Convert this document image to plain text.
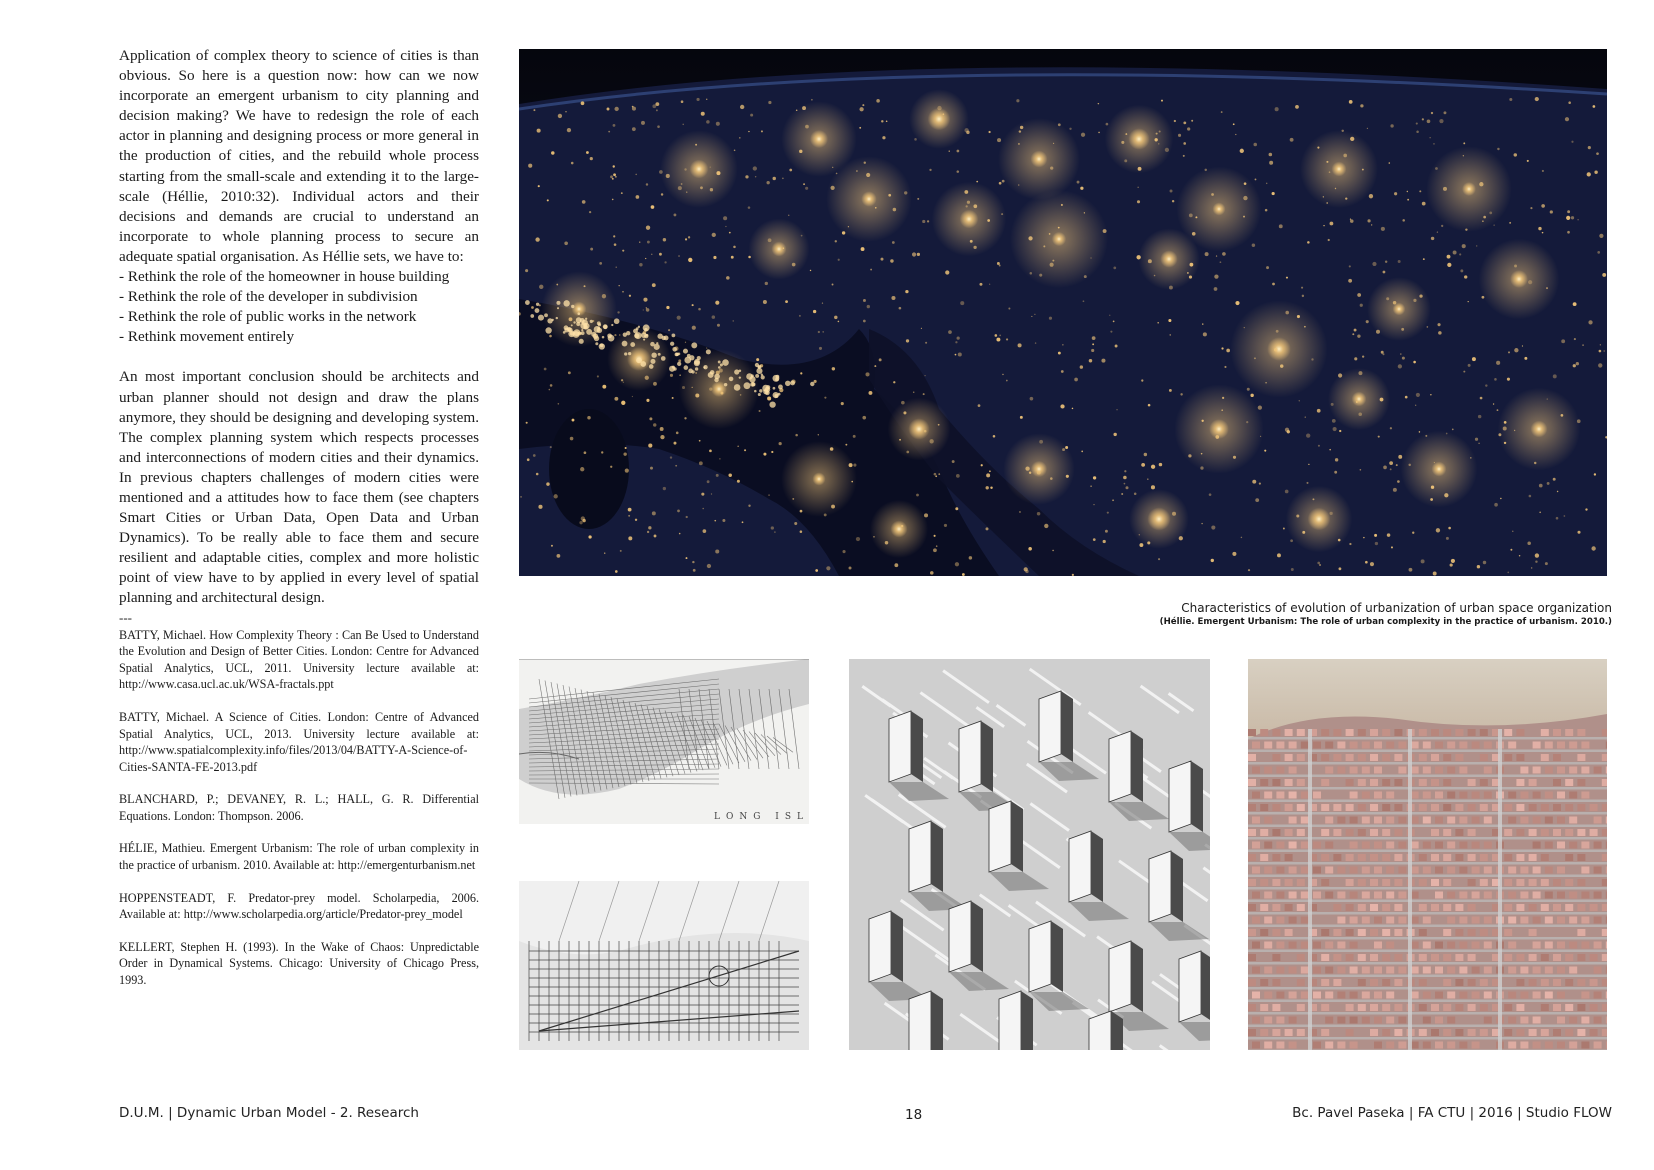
Application of complex theory to science of cities is than obvious. So here is a question now: how can we now incorporate an emergent urbanism to city planning and decision making? We have to redesign the role of each actor in planning and designing process or more general in the production of cities, and the rebuild whole process starting from the small-scale and extending it to the large-scale (Héllie, 2010:32). Individual actors and their decisions and demands are crucial to understand an incorporate to whole planning process to secure an adequate spatial organisation. As Héllie sets, we have to:

- Rethink the role of the homeowner in house building

- Rethink the role of the developer in subdivision

- Rethink the role of public works in the network

- Rethink movement entirely

An most important conclusion should be architects and urban planner should not design and draw the plans anymore, they should be designing and developing system. The complex planning system which respects processes and interconnections of modern cities and their dynamics. In previous chapters challenges of modern cities were mentioned and a attitudes how to face them (see chapters Smart Cities or Urban Data, Open Data and Urban Dynamics). To be really able to face them and secure resilient and adaptable cities, complex and more holistic point of view have to by applied in every level of spatial planning and architectural design.

---

BATTY, Michael. How Complexity Theory : Can Be Used to Understand the Evolution and Design of Better Cities. London: Centre for Advanced Spatial Analytics, UCL, 2011. University lecture available at: http://www.casa.ucl.ac.uk/WSA-fractals.ppt

BATTY, Michael. A Science of Cities. London: Centre of Advanced Spatial Analytics, UCL, 2013. University lecture available at: http://www.spatialcomplexity.info/files/2013/04/BATTY-A-Science-of-Cities-SANTA-FE-2013.pdf

BLANCHARD, P.; DEVANEY, R. L.; HALL, G. R. Differential Equations. London: Thompson. 2006.

HÉLIE, Mathieu. Emergent Urbanism: The role of urban complexity in the practice of urbanism. 2010. Available at: http://emergenturbanism.net

HOPPENSTEADT, F. Predator-prey model. Scholarpedia, 2006. Available at: http://www.scholarpedia.org/article/Predator-prey_model

KELLERT, Stephen H. (1993). In the Wake of Chaos: Unpredictable Order in Dynamical Systems. Chicago: University of Chicago Press, 1993.

Characteristics of evolution of urbanization of urban space organization
(Héllie. Emergent Urbanism: The role of urban complexity in the practice of urbanism. 2010.)
LONG ISL
D.U.M. | Dynamic Urban Model - 2. Research	18	Bc. Pavel Paseka | FA CTU | 2016 | Studio FLOW
